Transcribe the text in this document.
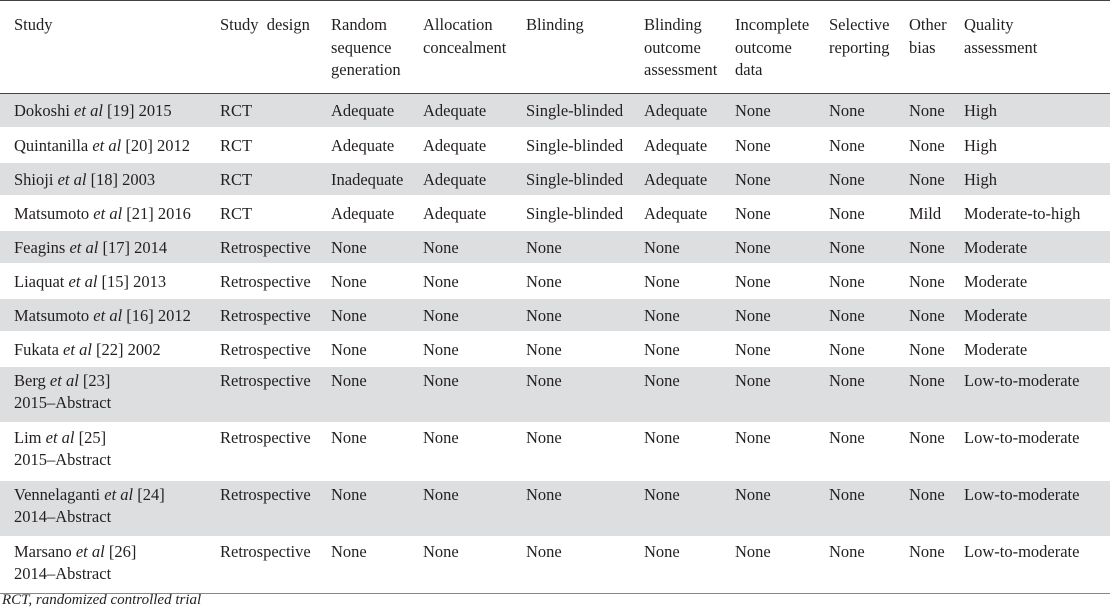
Study	Study  design	Random
sequence
generation	Allocation
concealment	Blinding	Blinding
outcome
assessment	Incomplete
outcome
data	Selective
reporting	Other
bias	Quality
assessment
Dokoshi et al [19] 2015	RCT	Adequate	Adequate	Single-blinded	Adequate	None	None	None	High
Quintanilla et al [20] 2012	RCT	Adequate	Adequate	Single-blinded	Adequate	None	None	None	High
Shioji et al [18] 2003	RCT	Inadequate	Adequate	Single-blinded	Adequate	None	None	None	High
Matsumoto et al [21] 2016	RCT	Adequate	Adequate	Single-blinded	Adequate	None	None	Mild	Moderate-to-high
Feagins et al [17] 2014	Retrospective	None	None	None	None	None	None	None	Moderate
Liaquat et al [15] 2013	Retrospective	None	None	None	None	None	None	None	Moderate
Matsumoto et al [16] 2012	Retrospective	None	None	None	None	None	None	None	Moderate
Fukata et al [22] 2002	Retrospective	None	None	None	None	None	None	None	Moderate
Berg et al [23]
2015–Abstract	Retrospective	None	None	None	None	None	None	None	Low-to-moderate
Lim et al [25]
2015–Abstract	Retrospective	None	None	None	None	None	None	None	Low-to-moderate
Vennelaganti et al [24]
2014–Abstract	Retrospective	None	None	None	None	None	None	None	Low-to-moderate
Marsano et al [26]
2014–Abstract	Retrospective	None	None	None	None	None	None	None	Low-to-moderate
RCT, randomized controlled trial
